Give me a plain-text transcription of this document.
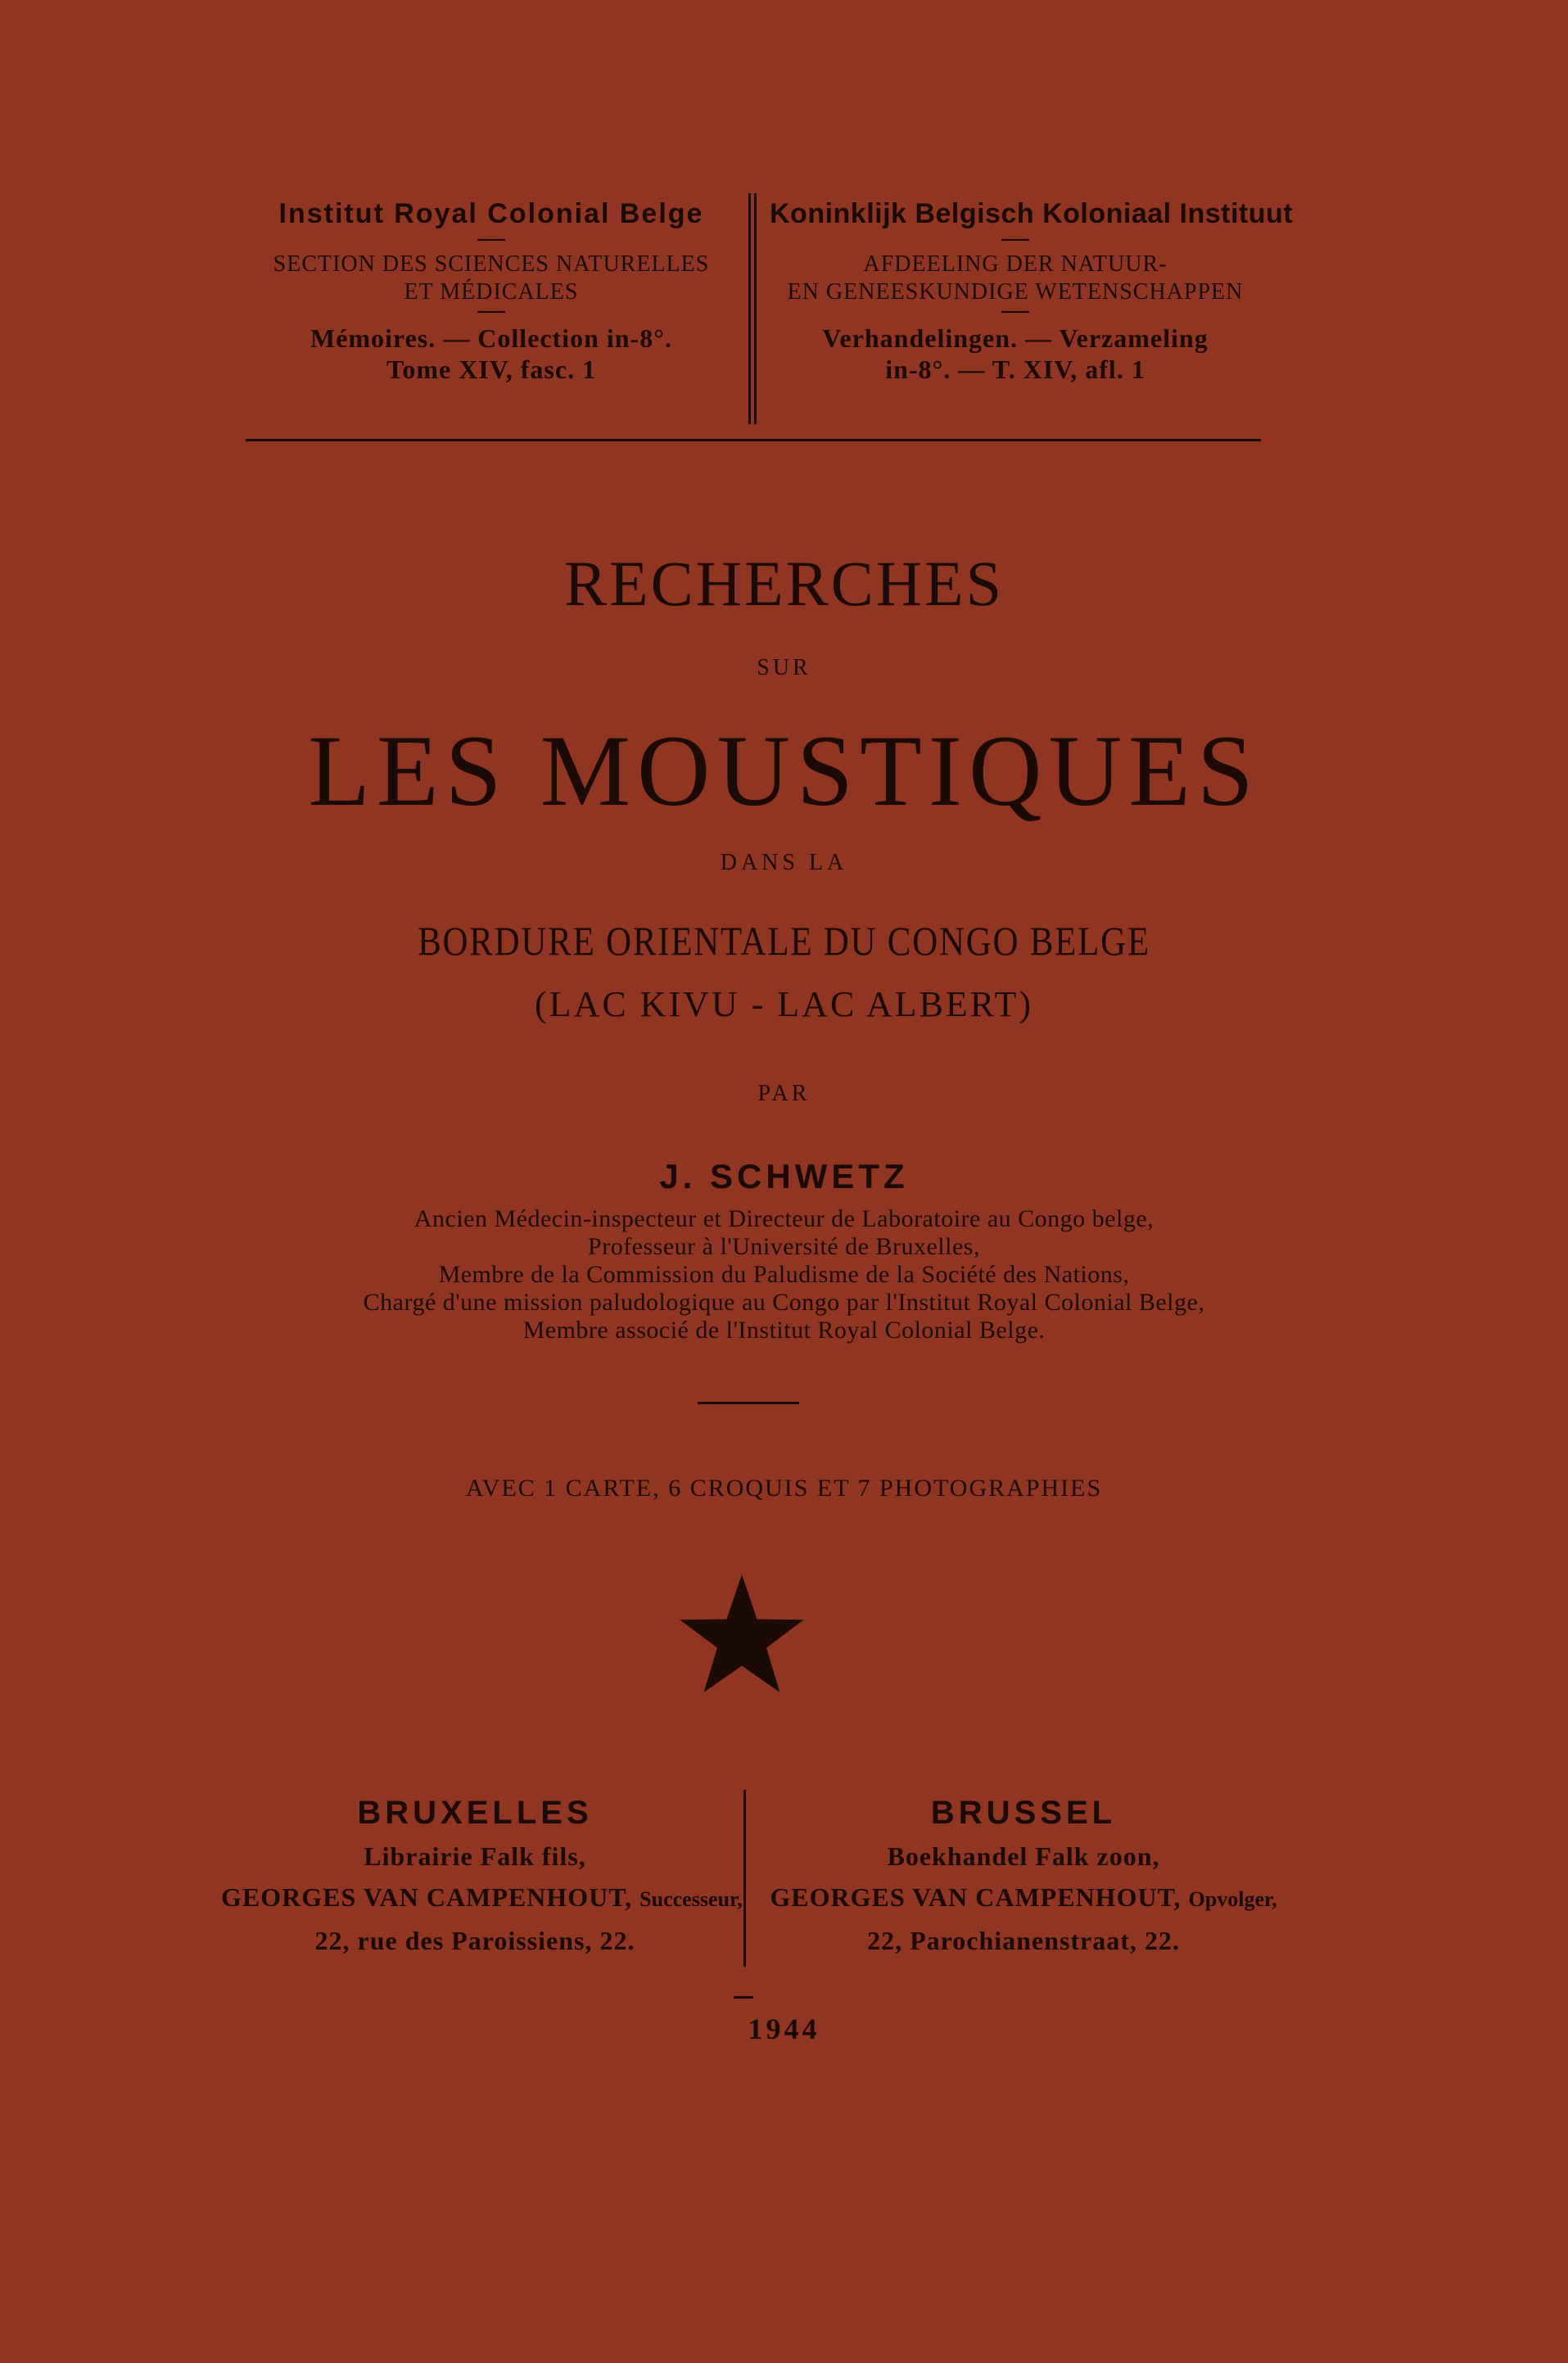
Institut Royal Colonial Belge
SECTION DES SCIENCES NATURELLES
ET MÉDICALES
Mémoires. — Collection in-8°.
Tome XIV, fasc. 1
Koninklijk Belgisch Koloniaal Instituut
AFDEELING DER NATUUR-
EN GENEESKUNDIGE WETENSCHAPPEN
Verhandelingen. — Verzameling
in-8°. — T. XIV, afl. 1
RECHERCHES
SUR
LES MOUSTIQUES
DANS LA
BORDURE ORIENTALE DU CONGO BELGE
(LAC KIVU - LAC ALBERT)
PAR
J. SCHWETZ
Ancien Médecin-inspecteur et Directeur de Laboratoire au Congo belge,
Professeur à l'Université de Bruxelles,
Membre de la Commission du Paludisme de la Société des Nations,
Chargé d'une mission paludologique au Congo par l'Institut Royal Colonial Belge,
Membre associé de l'Institut Royal Colonial Belge.
AVEC 1 CARTE, 6 CROQUIS ET 7 PHOTOGRAPHIES
BRUXELLES
Librairie Falk fils,
GEORGES VAN CAMPENHOUT, Successeur,
22, rue des Paroissiens, 22.
BRUSSEL
Boekhandel Falk zoon,
GEORGES VAN CAMPENHOUT, Opvolger,
22, Parochianenstraat, 22.
1944
